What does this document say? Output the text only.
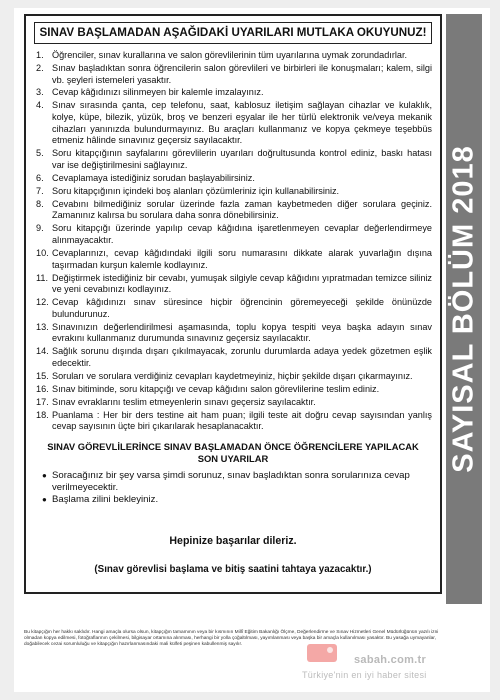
SINAV BAŞLAMADAN AŞAĞIDAKİ UYARILARI MUTLAKA OKUYUNUZ!
1. Öğrenciler, sınav kurallarına ve salon görevlilerinin tüm uyarılarına uymak zorundadırlar.
2. Sınav başladıktan sonra öğrencilerin salon görevlileri ve birbirleri ile konuşmaları; kalem, silgi vb. şeyleri istemeleri yasaktır.
3. Cevap kâğıdınızı silinmeyen bir kalemle imzalayınız.
4. Sınav sırasında çanta, cep telefonu, saat, kablosuz iletişim sağlayan cihazlar ve kulaklık, kolye, küpe, bilezik, yüzük, broş ve benzeri eşyalar ile her türlü elektronik ve/veya mekanik cihazları yanınızda bulundurmayınız. Bu araçları kullanmanız ve kopya çekmeye teşebbüs etmeniz hâlinde sınavınız geçersiz sayılacaktır.
5. Soru kitapçığının sayfalarını görevlilerin uyarıları doğrultusunda kontrol ediniz, baskı hatası var ise değiştirilmesini sağlayınız.
6. Cevaplamaya istediğiniz sorudan başlayabilirsiniz.
7. Soru kitapçığının içindeki boş alanları çözümleriniz için kullanabilirsiniz.
8. Cevabını bilmediğiniz sorular üzerinde fazla zaman kaybetmeden diğer sorulara geçiniz. Zamanınız kalırsa bu sorulara daha sonra dönebilirsiniz.
9. Soru kitapçığı üzerinde yapılıp cevap kâğıdına işaretlenmeyen cevaplar değerlendirmeye alınmayacaktır.
10. Cevaplarınızı, cevap kâğıdındaki ilgili soru numarasını dikkate alarak yuvarlağın dışına taşırmadan kurşun kalemle kodlayınız.
11. Değiştirmek istediğiniz bir cevabı, yumuşak silgiyle cevap kâğıdını yıpratmadan temizce siliniz ve yeni cevabınızı kodlayınız.
12. Cevap kâğıdınızı sınav süresince hiçbir öğrencinin göremeyeceği şekilde önünüzde bulundurunuz.
13. Sınavınızın değerlendirilmesi aşamasında, toplu kopya tespiti veya başka adayın sınav evrakını kullanmanız durumunda sınavınız geçersiz sayılacaktır.
14. Sağlık sorunu dışında dışarı çıkılmayacak, zorunlu durumlarda adaya yedek gözetmen eşlik edecektir.
15. Soruları ve sorulara verdiğiniz cevapları kaydetmeyiniz, hiçbir şekilde dışarı çıkarmayınız.
16. Sınav bitiminde, soru kitapçığı ve cevap kâğıdını salon görevlilerine teslim ediniz.
17. Sınav evraklarını teslim etmeyenlerin sınavı geçersiz sayılacaktır.
18. Puanlama : Her bir ders testine ait ham puan; ilgili teste ait doğru cevap sayısından yanlış cevap sayısının üçte biri çıkarılarak hesaplanacaktır.
SINAV GÖREVLİLERİNCE SINAV BAŞLAMADAN ÖNCE ÖĞRENCİLERE YAPILACAK SON UYARILAR
● Soracağınız bir şey varsa şimdi sorunuz, sınav başladıktan sonra sorularınıza cevap verilmeyecektir.
● Başlama zilini bekleyiniz.
Hepinize başarılar dileriz.
(Sınav görevlisi başlama ve bitiş saatini tahtaya yazacaktır.)
SAYISAL BÖLÜM 2018
Bu kitapçığın her hakkı saklıdır. Hangi amaçla olursa olsun, kitapçığın tamamının veya bir kısmının Millî Eğitim Bakanlığı Ölçme, Değerlendirme ve Sınav Hizmetleri Genel Müdürlüğünün yazılı izni olmadan kopya edilmesi, fotoğraflarının çekilmesi, bilgisayar ortamına alınması, herhangi bir yolla çoğaltılması, yayımlanması veya başka bir amaçla kullanılması yasaktır. Bu yasağa uymayanlar, doğabilecek cezai sorumluluğu ve kitapçığın hazırlanmasındaki mali külfeti peşinen kabullenmiş sayılır.
sabah.com.tr
Türkiye'nin en iyi haber sitesi
